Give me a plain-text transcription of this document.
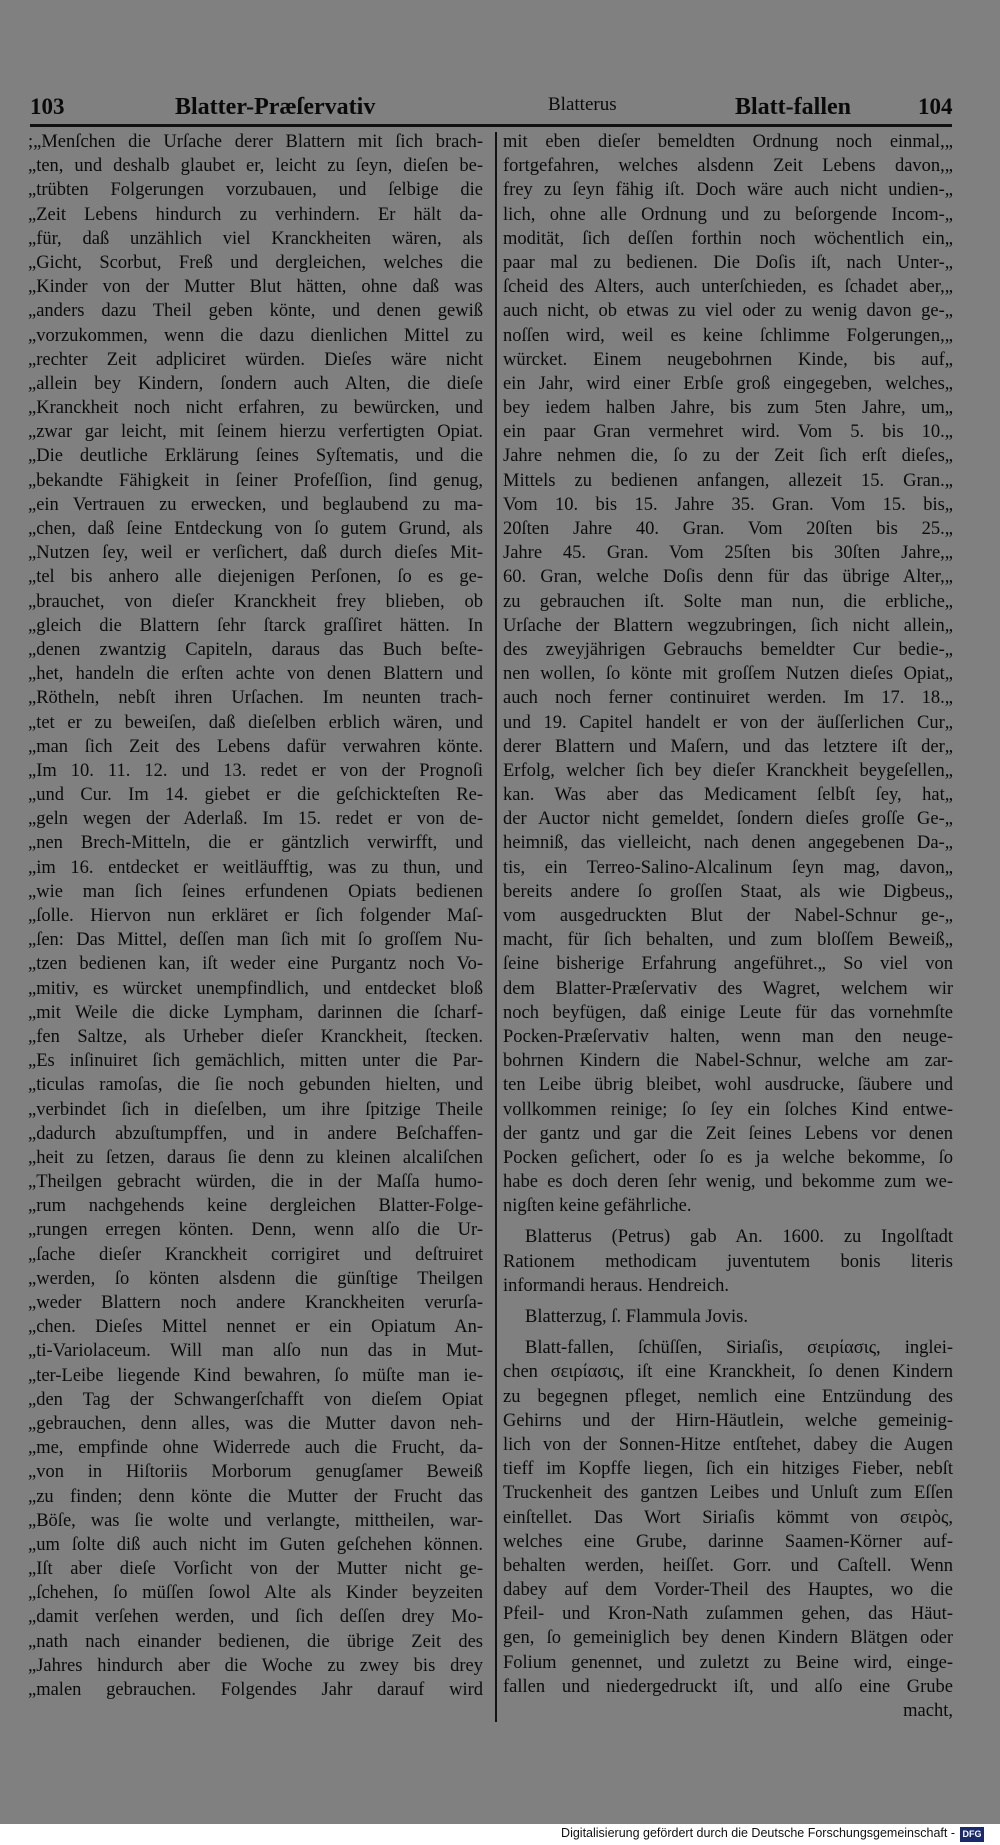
103	Blatter-Præſervativ	Blatterus	Blatt-fallen	104
;„Menſchen die Urſache derer Blattern mit ſich brach-
„ten, und deshalb glaubet er, leicht zu ſeyn, dieſen be-
„trübten Folgerungen vorzubauen, und ſelbige die
„Zeit Lebens hindurch zu verhindern. Er hält da-
„für, daß unzählich viel Kranckheiten wären, als
„Gicht, Scorbut, Freß und dergleichen, welches die
„Kinder von der Mutter Blut hätten, ohne daß was
„anders dazu Theil geben könte, und denen gewiß
„vorzukommen, wenn die dazu dienlichen Mittel zu
„rechter Zeit adpliciret würden. Dieſes wäre nicht
„allein bey Kindern, ſondern auch Alten, die dieſe
„Kranckheit noch nicht erfahren, zu bewürcken, und
„zwar gar leicht, mit ſeinem hierzu verfertigten Opiat.
„Die deutliche Erklärung ſeines Syſtematis, und die
„bekandte Fähigkeit in ſeiner Profeſſion, ſind genug,
„ein Vertrauen zu erwecken, und beglaubend zu ma-
„chen, daß ſeine Entdeckung von ſo gutem Grund, als
„Nutzen ſey, weil er verſichert, daß durch dieſes Mit-
„tel bis anhero alle diejenigen Perſonen, ſo es ge-
„brauchet, von dieſer Kranckheit frey blieben, ob
„gleich die Blattern ſehr ſtarck graſſiret hätten. In
„denen zwantzig Capiteln, daraus das Buch beſte-
„het, handeln die erſten achte von denen Blattern und
„Rötheln, nebſt ihren Urſachen. Im neunten trach-
„tet er zu beweiſen, daß dieſelben erblich wären, und
„man ſich Zeit des Lebens dafür verwahren könte.
„Im 10. 11. 12. und 13. redet er von der Prognoſi
„und Cur. Im 14. giebet er die geſchickteſten Re-
„geln wegen der Aderlaß. Im 15. redet er von de-
„nen Brech-Mitteln, die er gäntzlich verwirfft, und
„im 16. entdecket er weitläufftig, was zu thun, und
„wie man ſich ſeines erfundenen Opiats bedienen
„ſolle. Hiervon nun erkläret er ſich folgender Maſ-
„ſen: Das Mittel, deſſen man ſich mit ſo groſſem Nu-
„tzen bedienen kan, iſt weder eine Purgantz noch Vo-
„mitiv, es würcket unempfindlich, und entdecket bloß
„mit Weile die dicke Lympham, darinnen die ſcharf-
„fen Saltze, als Urheber dieſer Kranckheit, ſtecken.
„Es inſinuiret ſich gemächlich, mitten unter die Par-
„ticulas ramoſas, die ſie noch gebunden hielten, und
„verbindet ſich in dieſelben, um ihre ſpitzige Theile
„dadurch abzuſtumpffen, und in andere Beſchaffen-
„heit zu ſetzen, daraus ſie denn zu kleinen alcaliſchen
„Theilgen gebracht würden, die in der Maſſa humo-
„rum nachgehends keine dergleichen Blatter-Folge-
„rungen erregen könten. Denn, wenn alſo die Ur-
„ſache dieſer Kranckheit corrigiret und deſtruiret
„werden, ſo könten alsdenn die günſtige Theilgen
„weder Blattern noch andere Kranckheiten verurſa-
„chen. Dieſes Mittel nennet er ein Opiatum An-
„ti-Variolaceum. Will man alſo nun das in Mut-
„ter-Leibe liegende Kind bewahren, ſo müſte man ie-
„den Tag der Schwangerſchafft von dieſem Opiat
„gebrauchen, denn alles, was die Mutter davon neh-
„me, empfinde ohne Widerrede auch die Frucht, da-
„von in Hiſtoriis Morborum genugſamer Beweiß
„zu finden; denn könte die Mutter der Frucht das
„Böſe, was ſie wolte und verlangte, mittheilen, war-
„um ſolte diß auch nicht im Guten geſchehen können.
„Iſt aber dieſe Vorſicht von der Mutter nicht ge-
„ſchehen, ſo müſſen ſowol Alte als Kinder beyzeiten
„damit verſehen werden, und ſich deſſen drey Mo-
„nath nach einander bedienen, die übrige Zeit des
„Jahres hindurch aber die Woche zu zwey bis drey
„malen gebrauchen. Folgendes Jahr darauf wird
mit eben dieſer bemeldten Ordnung noch einmal,„
fortgefahren, welches alsdenn Zeit Lebens davon,„
frey zu ſeyn fähig iſt. Doch wäre auch nicht undien-„
lich, ohne alle Ordnung und zu beſorgende Incom-„
modität, ſich deſſen forthin noch wöchentlich ein„
paar mal zu bedienen. Die Doſis iſt, nach Unter-„
ſcheid des Alters, auch unterſchieden, es ſchadet aber,„
auch nicht, ob etwas zu viel oder zu wenig davon ge-„
noſſen wird, weil es keine ſchlimme Folgerungen,„
würcket. Einem neugebohrnen Kinde, bis auf„
ein Jahr, wird einer Erbſe groß eingegeben, welches„
bey iedem halben Jahre, bis zum 5ten Jahre, um„
ein paar Gran vermehret wird. Vom 5. bis 10.„
Jahre nehmen die, ſo zu der Zeit ſich erſt dieſes„
Mittels zu bedienen anfangen, allezeit 15. Gran.„
Vom 10. bis 15. Jahre 35. Gran. Vom 15. bis„
20ſten Jahre 40. Gran. Vom 20ſten bis 25.„
Jahre 45. Gran. Vom 25ſten bis 30ſten Jahre,„
60. Gran, welche Doſis denn für das übrige Alter,„
zu gebrauchen iſt. Solte man nun, die erbliche„
Urſache der Blattern wegzubringen, ſich nicht allein„
des zweyjährigen Gebrauchs bemeldter Cur bedie-„
nen wollen, ſo könte mit groſſem Nutzen dieſes Opiat„
auch noch ferner continuiret werden. Im 17. 18.„
und 19. Capitel handelt er von der äuſſerlichen Cur„
derer Blattern und Maſern, und das letztere iſt der„
Erfolg, welcher ſich bey dieſer Kranckheit beygeſellen„
kan. Was aber das Medicament ſelbſt ſey, hat„
der Auctor nicht gemeldet, ſondern dieſes groſſe Ge-„
heimniß, das vielleicht, nach denen angegebenen Da-„
tis, ein Terreo-Salino-Alcalinum ſeyn mag, davon„
bereits andere ſo groſſen Staat, als wie Digbeus„
vom ausgedruckten Blut der Nabel-Schnur ge-„
macht, für ſich behalten, und zum bloſſem Beweiß„
ſeine bisherige Erfahrung angeführet.„ So viel von
dem Blatter-Præſervativ des Wagret, welchem wir
noch beyfügen, daß einige Leute für das vornehmſte
Pocken-Præſervativ halten, wenn man den neuge-
bohrnen Kindern die Nabel-Schnur, welche am zar-
ten Leibe übrig bleibet, wohl ausdrucke, ſäubere und
vollkommen reinige; ſo ſey ein ſolches Kind entwe-
der gantz und gar die Zeit ſeines Lebens vor denen
Pocken geſichert, oder ſo es ja welche bekomme, ſo
habe es doch deren ſehr wenig, und bekomme zum we-
nigſten keine gefährliche.
Blatterus (Petrus) gab An. 1600. zu Ingolſtadt
Rationem methodicam juventutem bonis literis
informandi heraus. Hendreich.
Blatterzug, ſ. Flammula Jovis.
Blatt-fallen, ſchüſſen, Siriaſis, σειρίασις, inglei-
chen σειρίασις, iſt eine Kranckheit, ſo denen Kindern
zu begegnen pfleget, nemlich eine Entzündung des
Gehirns und der Hirn-Häutlein, welche gemeinig-
lich von der Sonnen-Hitze entſtehet, dabey die Augen
tieff im Kopffe liegen, ſich ein hitziges Fieber, nebſt
Truckenheit des gantzen Leibes und Unluſt zum Eſſen
einſtellet. Das Wort Siriaſis kömmt von σειρὸς,
welches eine Grube, darinne Saamen-Körner auf-
behalten werden, heiſſet. Gorr. und Caſtell. Wenn
dabey auf dem Vorder-Theil des Hauptes, wo die
Pfeil- und Kron-Nath zuſammen gehen, das Häut-
gen, ſo gemeiniglich bey denen Kindern Blätgen oder
Folium genennet, und zuletzt zu Beine wird, einge-
fallen und niedergedruckt iſt, und alſo eine Grube
macht,
Digitalisierung gefördert durch die Deutsche Forschungsgemeinschaft - DFG
